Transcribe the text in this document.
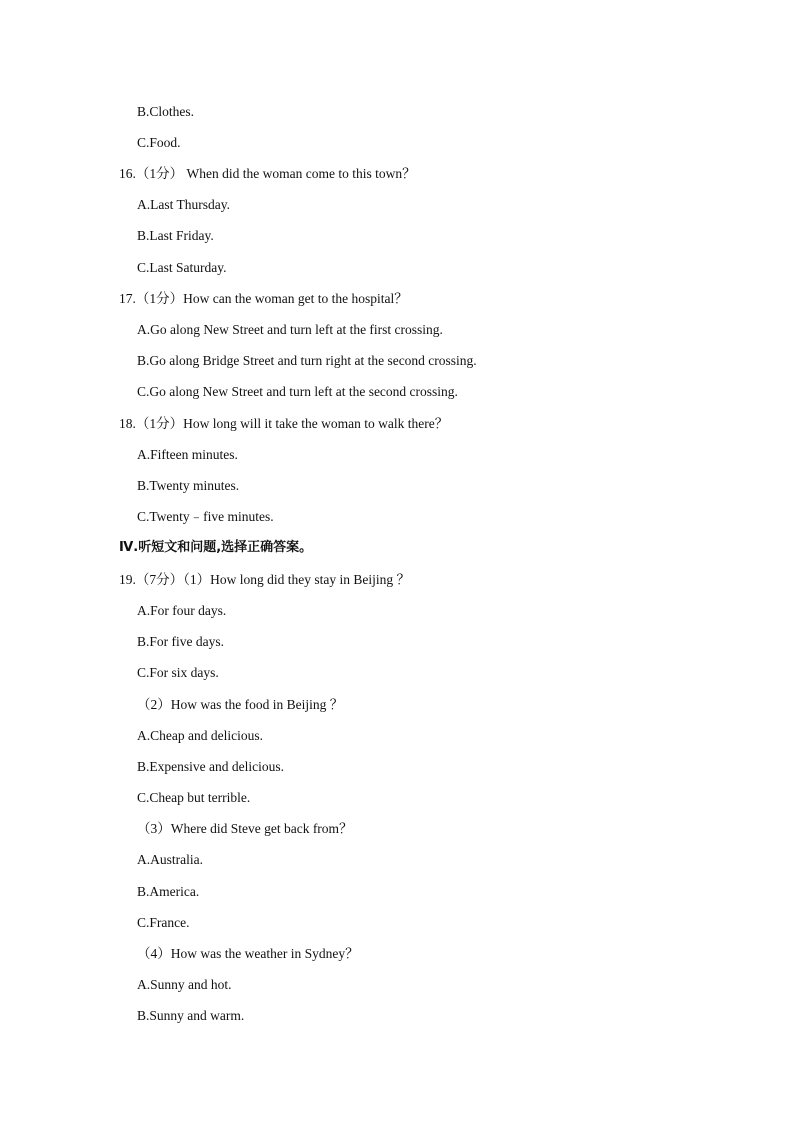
B.Clothes.
C.Food.
16.（1分） When did the woman come to this town？
A.Last Thursday.
B.Last Friday.
C.Last Saturday.
17.（1分）How can the woman get to the hospital？
A.Go along New Street and turn left at the first crossing.
B.Go along Bridge Street and turn right at the second crossing.
C.Go along New Street and turn left at the second crossing.
18.（1分）How long will it take the woman to walk there？
A.Fifteen minutes.
B.Twenty minutes.
C.Twenty﹣five minutes.
Ⅳ.听短文和问题,选择正确答案。
19.（7分）（1）How long did they stay in Beijing ？
A.For four days.
B.For five days.
C.For six days.
（2）How was the food in Beijing ？
A.Cheap and delicious.
B.Expensive and delicious.
C.Cheap but terrible.
（3）Where did Steve get back from？
A.Australia.
B.America.
C.France.
（4）How was the weather in Sydney？
A.Sunny and hot.
B.Sunny and warm.
